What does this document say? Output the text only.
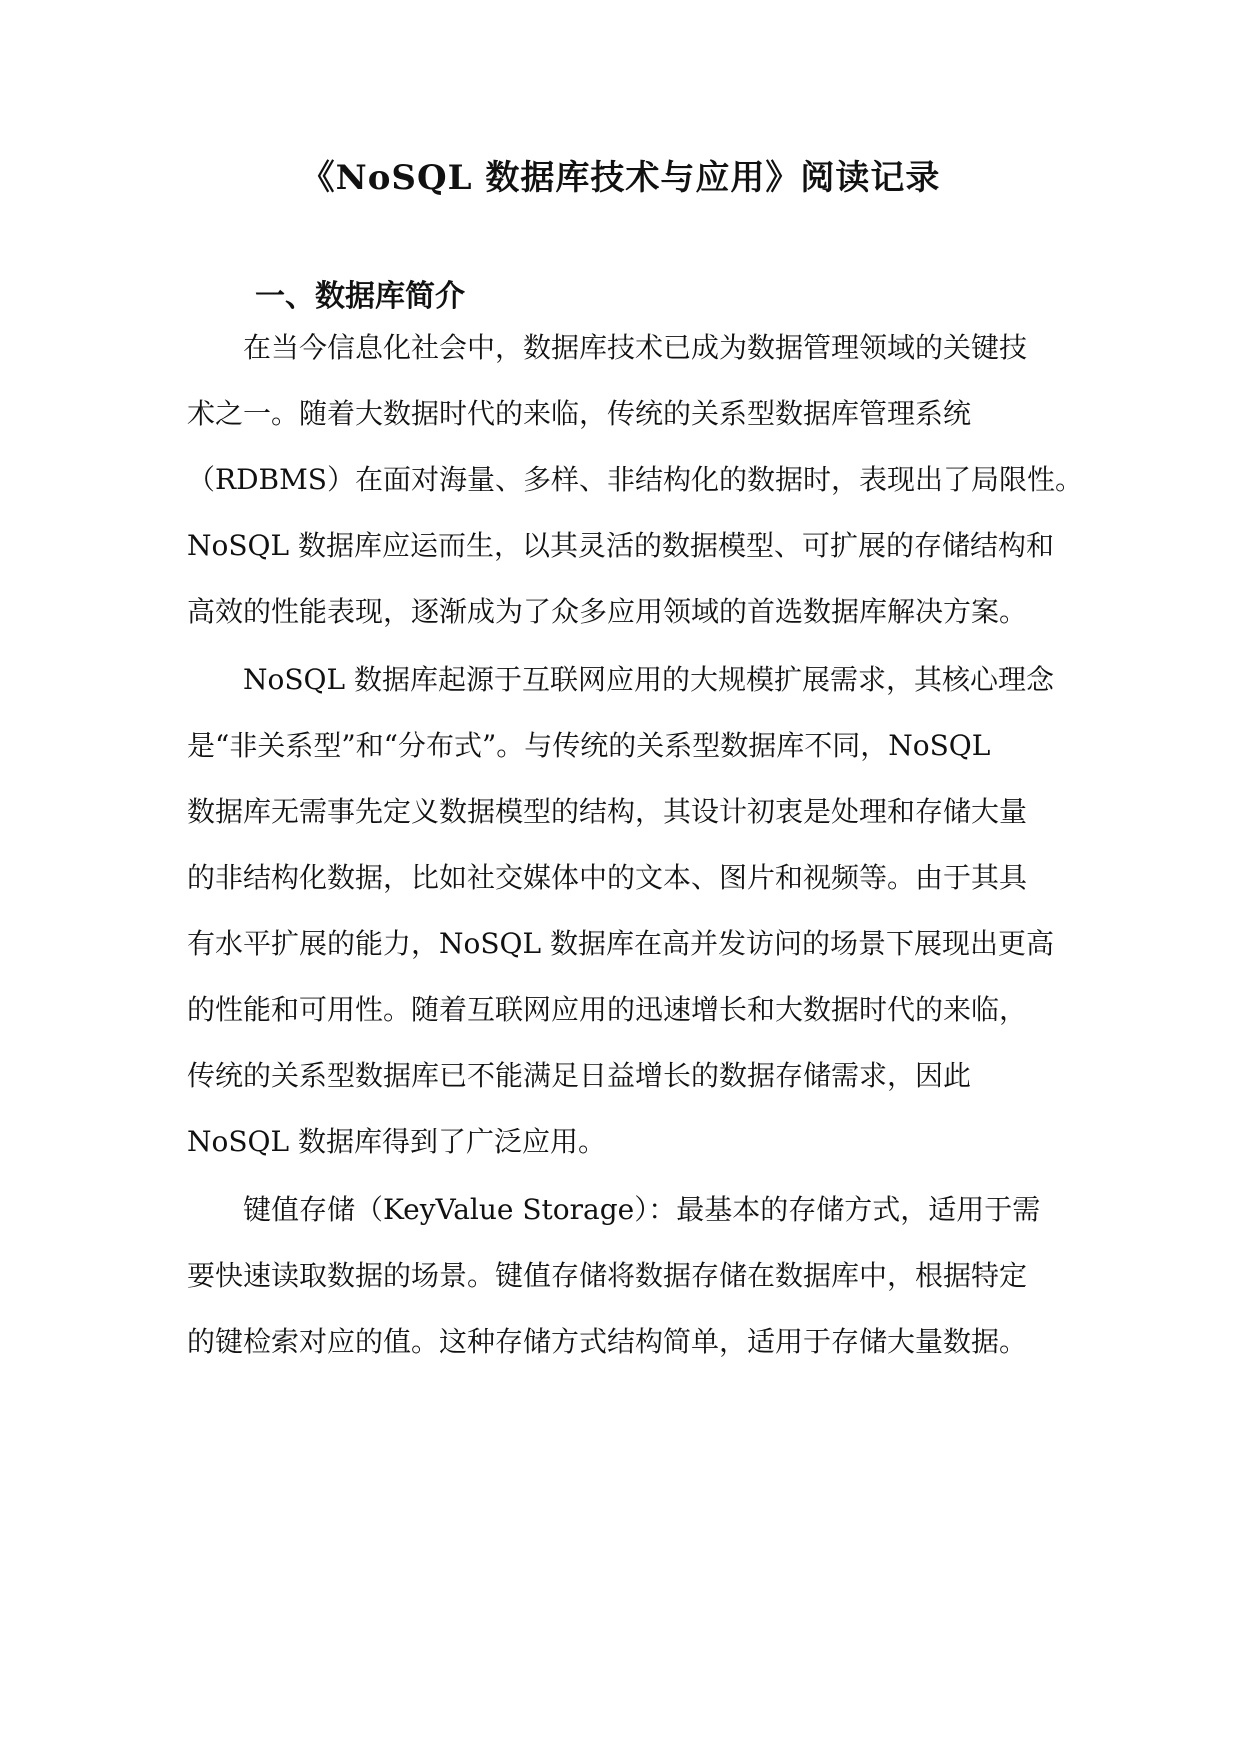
《NoSQL 数据库技术与应用》阅读记录
一、数据库简介

在当今信息化社会中，数据库技术已成为数据管理领域的关键技

术之一。随着大数据时代的来临，传统的关系型数据库管理系统

（RDBMS）在面对海量、多样、非结构化的数据时，表现出了局限性。

NoSQL 数据库应运而生，以其灵活的数据模型、可扩展的存储结构和

高效的性能表现，逐渐成为了众多应用领域的首选数据库解决方案。

NoSQL 数据库起源于互联网应用的大规模扩展需求，其核心理念

是“非关系型”和“分布式”。与传统的关系型数据库不同，NoSQL

数据库无需事先定义数据模型的结构，其设计初衷是处理和存储大量

的非结构化数据，比如社交媒体中的文本、图片和视频等。由于其具

有水平扩展的能力，NoSQL 数据库在高并发访问的场景下展现出更高

的性能和可用性。随着互联网应用的迅速增长和大数据时代的来临，

传统的关系型数据库已不能满足日益增长的数据存储需求，因此

NoSQL 数据库得到了广泛应用。

键值存储（KeyValue Storage）：最基本的存储方式，适用于需

要快速读取数据的场景。键值存储将数据存储在数据库中，根据特定

的键检索对应的值。这种存储方式结构简单，适用于存储大量数据。
